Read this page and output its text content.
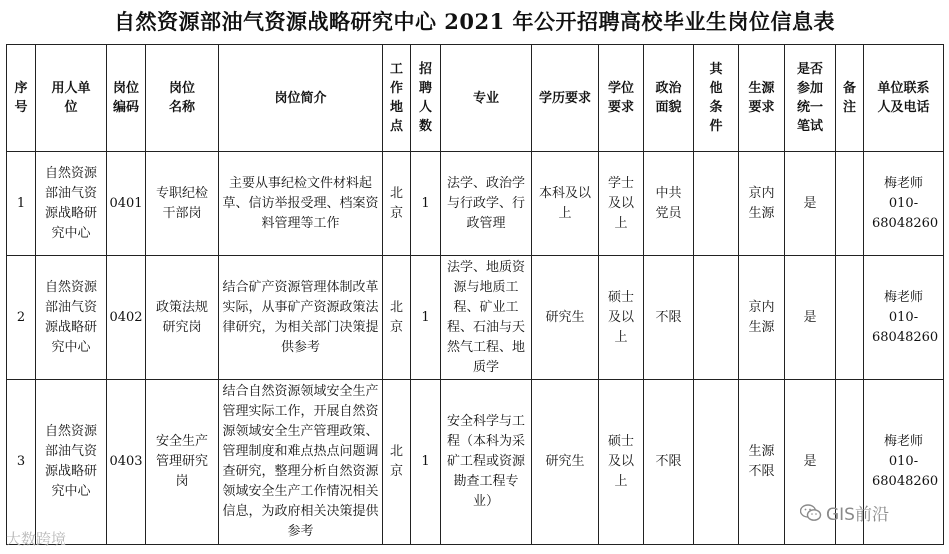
自然资源部油气资源战略研究中心 2021 年公开招聘高校毕业生岗位信息表
序号	用人单位	岗位编码	岗位名称	岗位简介	工作地点	招聘人数	专业	学历要求	学位要求	政治面貌	其他条件	生源要求	是否参加统一笔试	备注	单位联系人及电话
1	自然资源部油气资源战略研究中心	0401	专职纪检干部岗	主要从事纪检文件材料起草、信访举报受理、档案资料管理等工作	北京	1	法学、政治学与行政学、行政管理	本科及以上	学士及以上	中共党员		京内生源	是		梅老师 010-68048260
2	自然资源部油气资源战略研究中心	0402	政策法规研究岗	结合矿产资源管理体制改革实际，从事矿产资源政策法律研究，为相关部门决策提供参考	北京	1	法学、地质资源与地质工程、矿业工程、石油与天然气工程、地质学	研究生	硕士及以上	不限		京内生源	是		梅老师 010-68048260
3	自然资源部油气资源战略研究中心	0403	安全生产管理研究岗	结合自然资源领域安全生产管理实际工作，开展自然资源领域安全生产管理政策、管理制度和难点热点问题调查研究，整理分析自然资源领域安全生产工作情况相关信息，为政府相关决策提供参考	北京	1	安全科学与工程（本科为采矿工程或资源勘查工程专业）	研究生	硕士及以上	不限		生源不限	是		梅老师 010-68048260
大数跨境
GIS前沿
